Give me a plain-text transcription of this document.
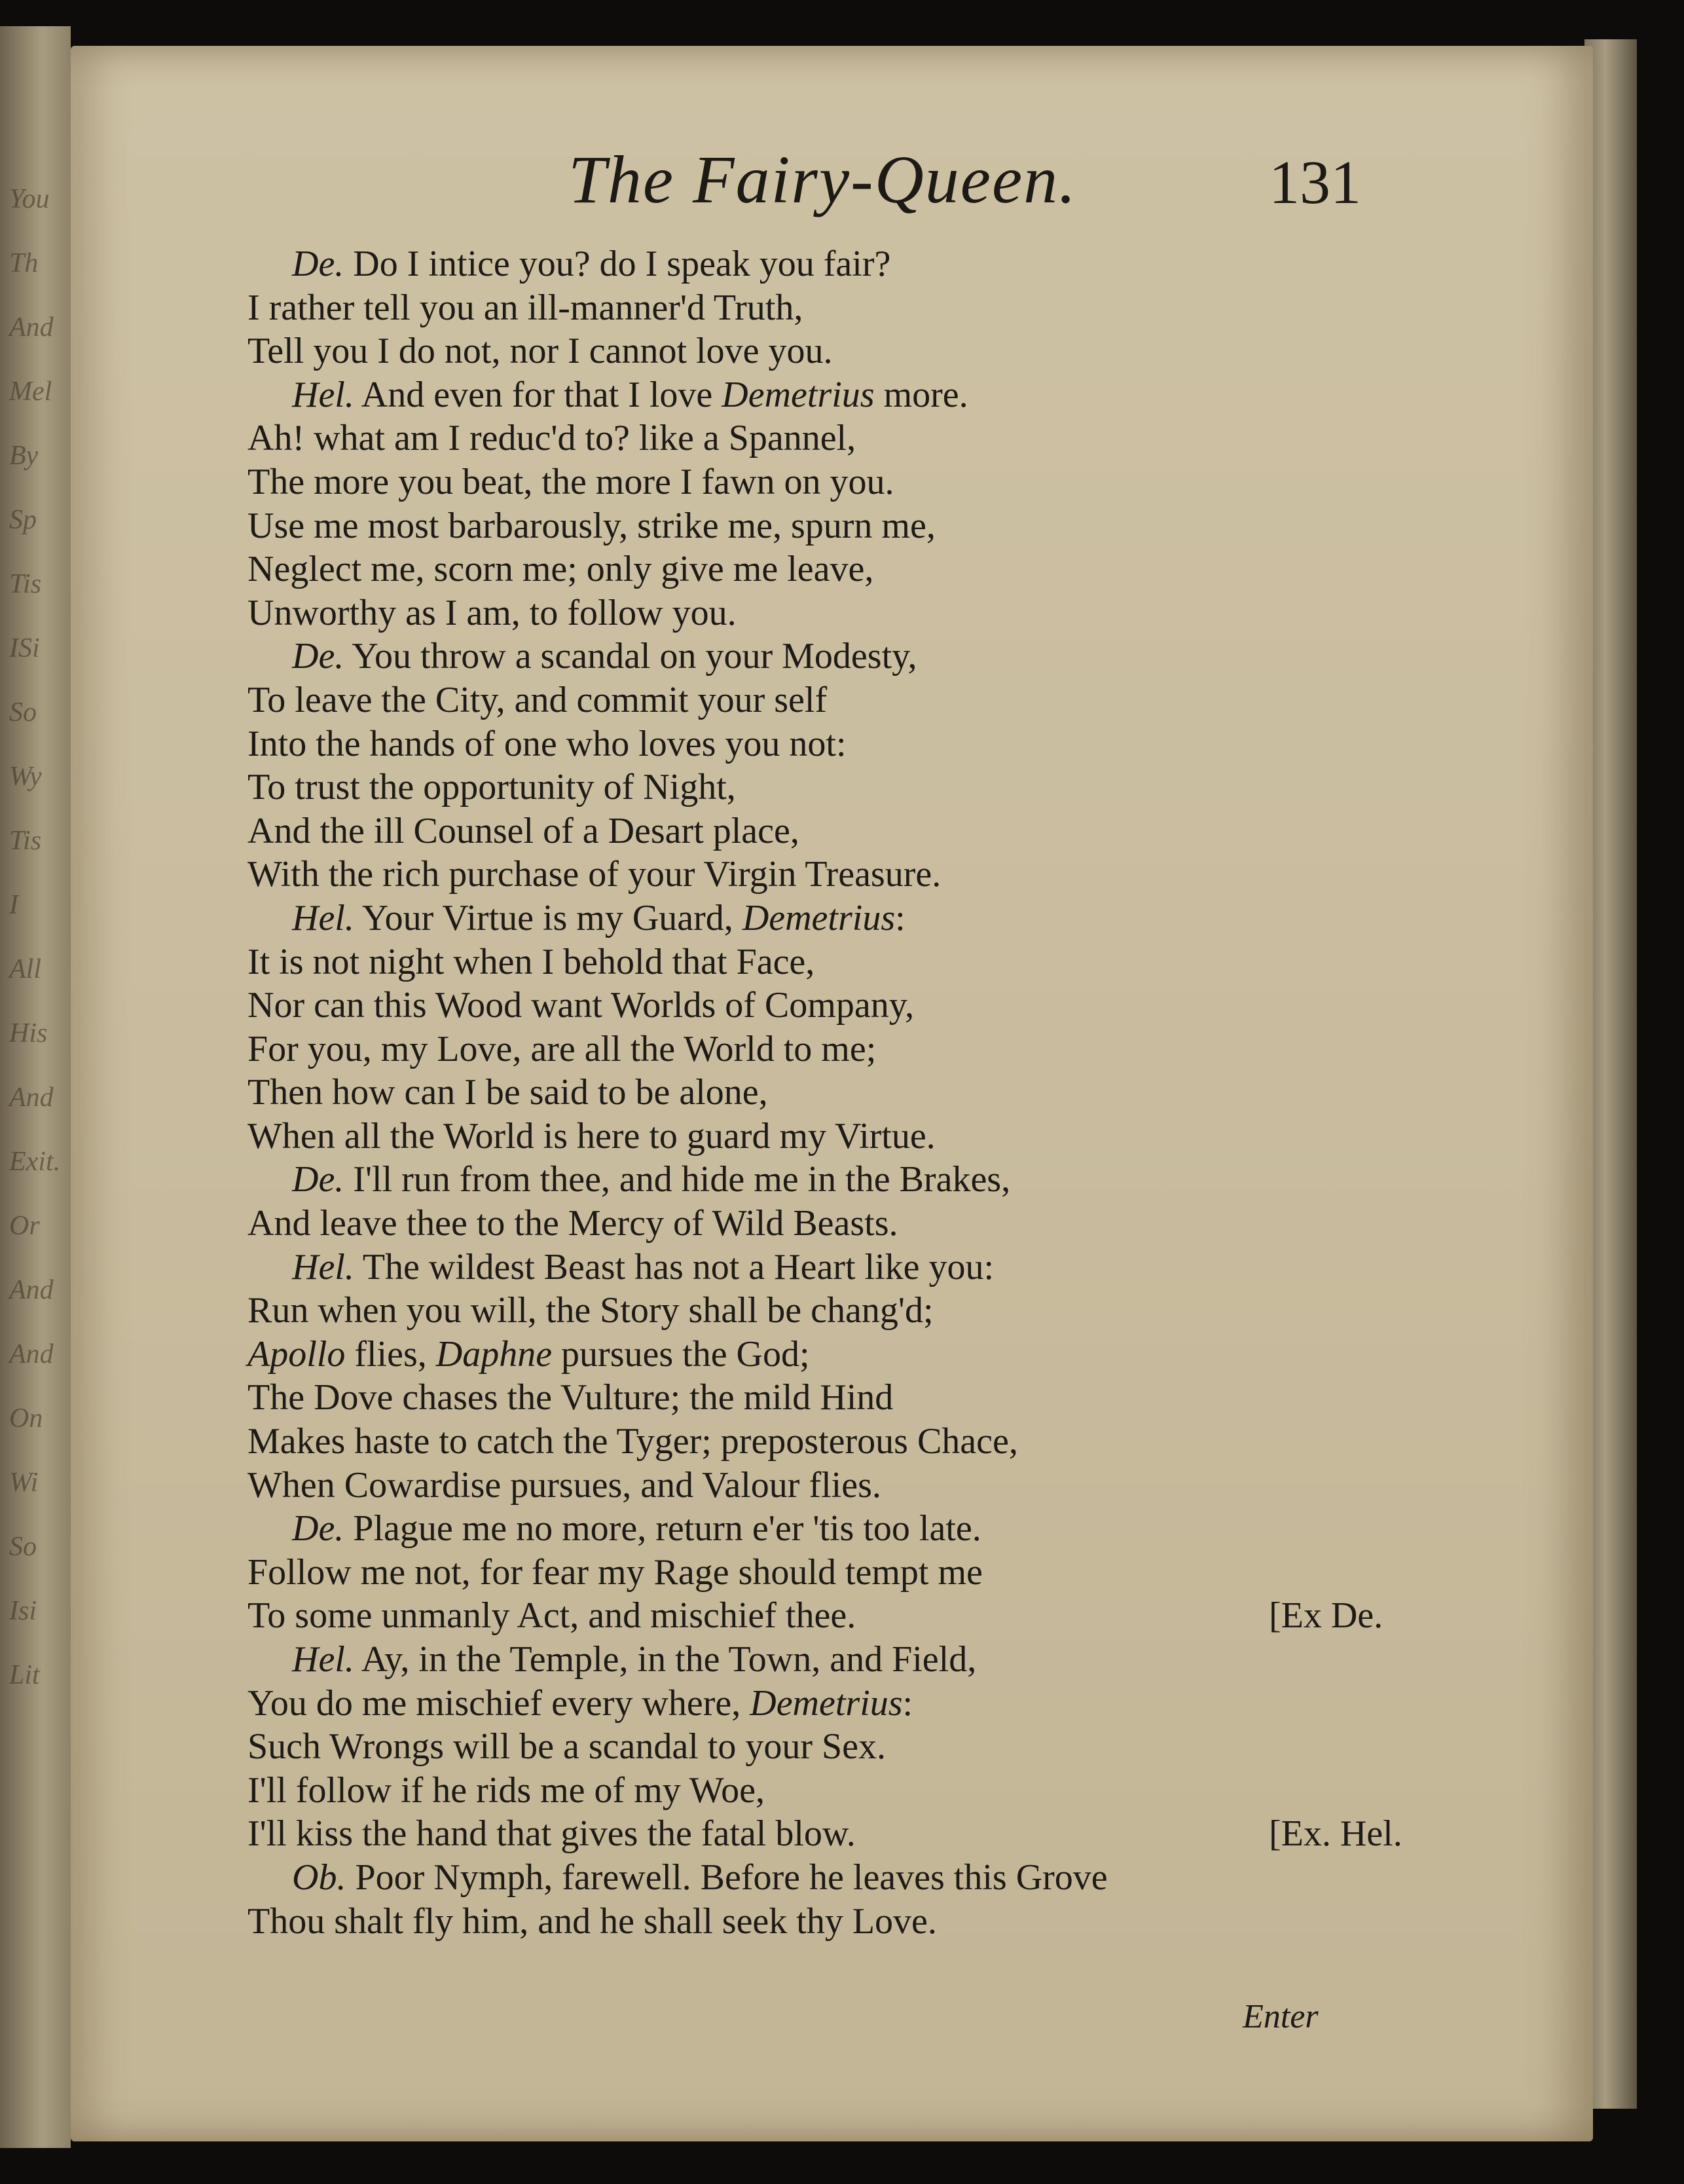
You
Th
And
Mel
By
Sp
Tis
ISi
So
Wy
Tis
I
All
His
And
Exit.
Or
And
And
On
Wi
So
Isi
Lit
The Fairy-Queen.	131
De. Do I intice you? do I speak you fair?
I rather tell you an ill-manner'd Truth,
Tell you I do not, nor I cannot love you.
Hel. And even for that I love Demetrius more.
Ah! what am I reduc'd to? like a Spannel,
The more you beat, the more I fawn on you.
Use me most barbarously, strike me, spurn me,
Neglect me, scorn me; only give me leave,
Unworthy as I am, to follow you.
De. You throw a scandal on your Modesty,
To leave the City, and commit your self
Into the hands of one who loves you not:
To trust the opportunity of Night,
And the ill Counsel of a Desart place,
With the rich purchase of your Virgin Treasure.
Hel. Your Virtue is my Guard, Demetrius:
It is not night when I behold that Face,
Nor can this Wood want Worlds of Company,
For you, my Love, are all the World to me;
Then how can I be said to be alone,
When all the World is here to guard my Virtue.
De. I'll run from thee, and hide me in the Brakes,
And leave thee to the Mercy of Wild Beasts.
Hel. The wildest Beast has not a Heart like you:
Run when you will, the Story shall be chang'd;
Apollo flies, Daphne pursues the God;
The Dove chases the Vulture; the mild Hind
Makes haste to catch the Tyger; preposterous Chace,
When Cowardise pursues, and Valour flies.
De. Plague me no more, return e'er 'tis too late.
Follow me not, for fear my Rage should tempt me
To some unmanly Act, and mischief thee.	[Ex De.
Hel. Ay, in the Temple, in the Town, and Field,
You do me mischief every where, Demetrius:
Such Wrongs will be a scandal to your Sex.
I'll follow if he rids me of my Woe,
I'll kiss the hand that gives the fatal blow.	[Ex. Hel.
Ob. Poor Nymph, farewell. Before he leaves this Grove
Thou shalt fly him, and he shall seek thy Love.
Enter
